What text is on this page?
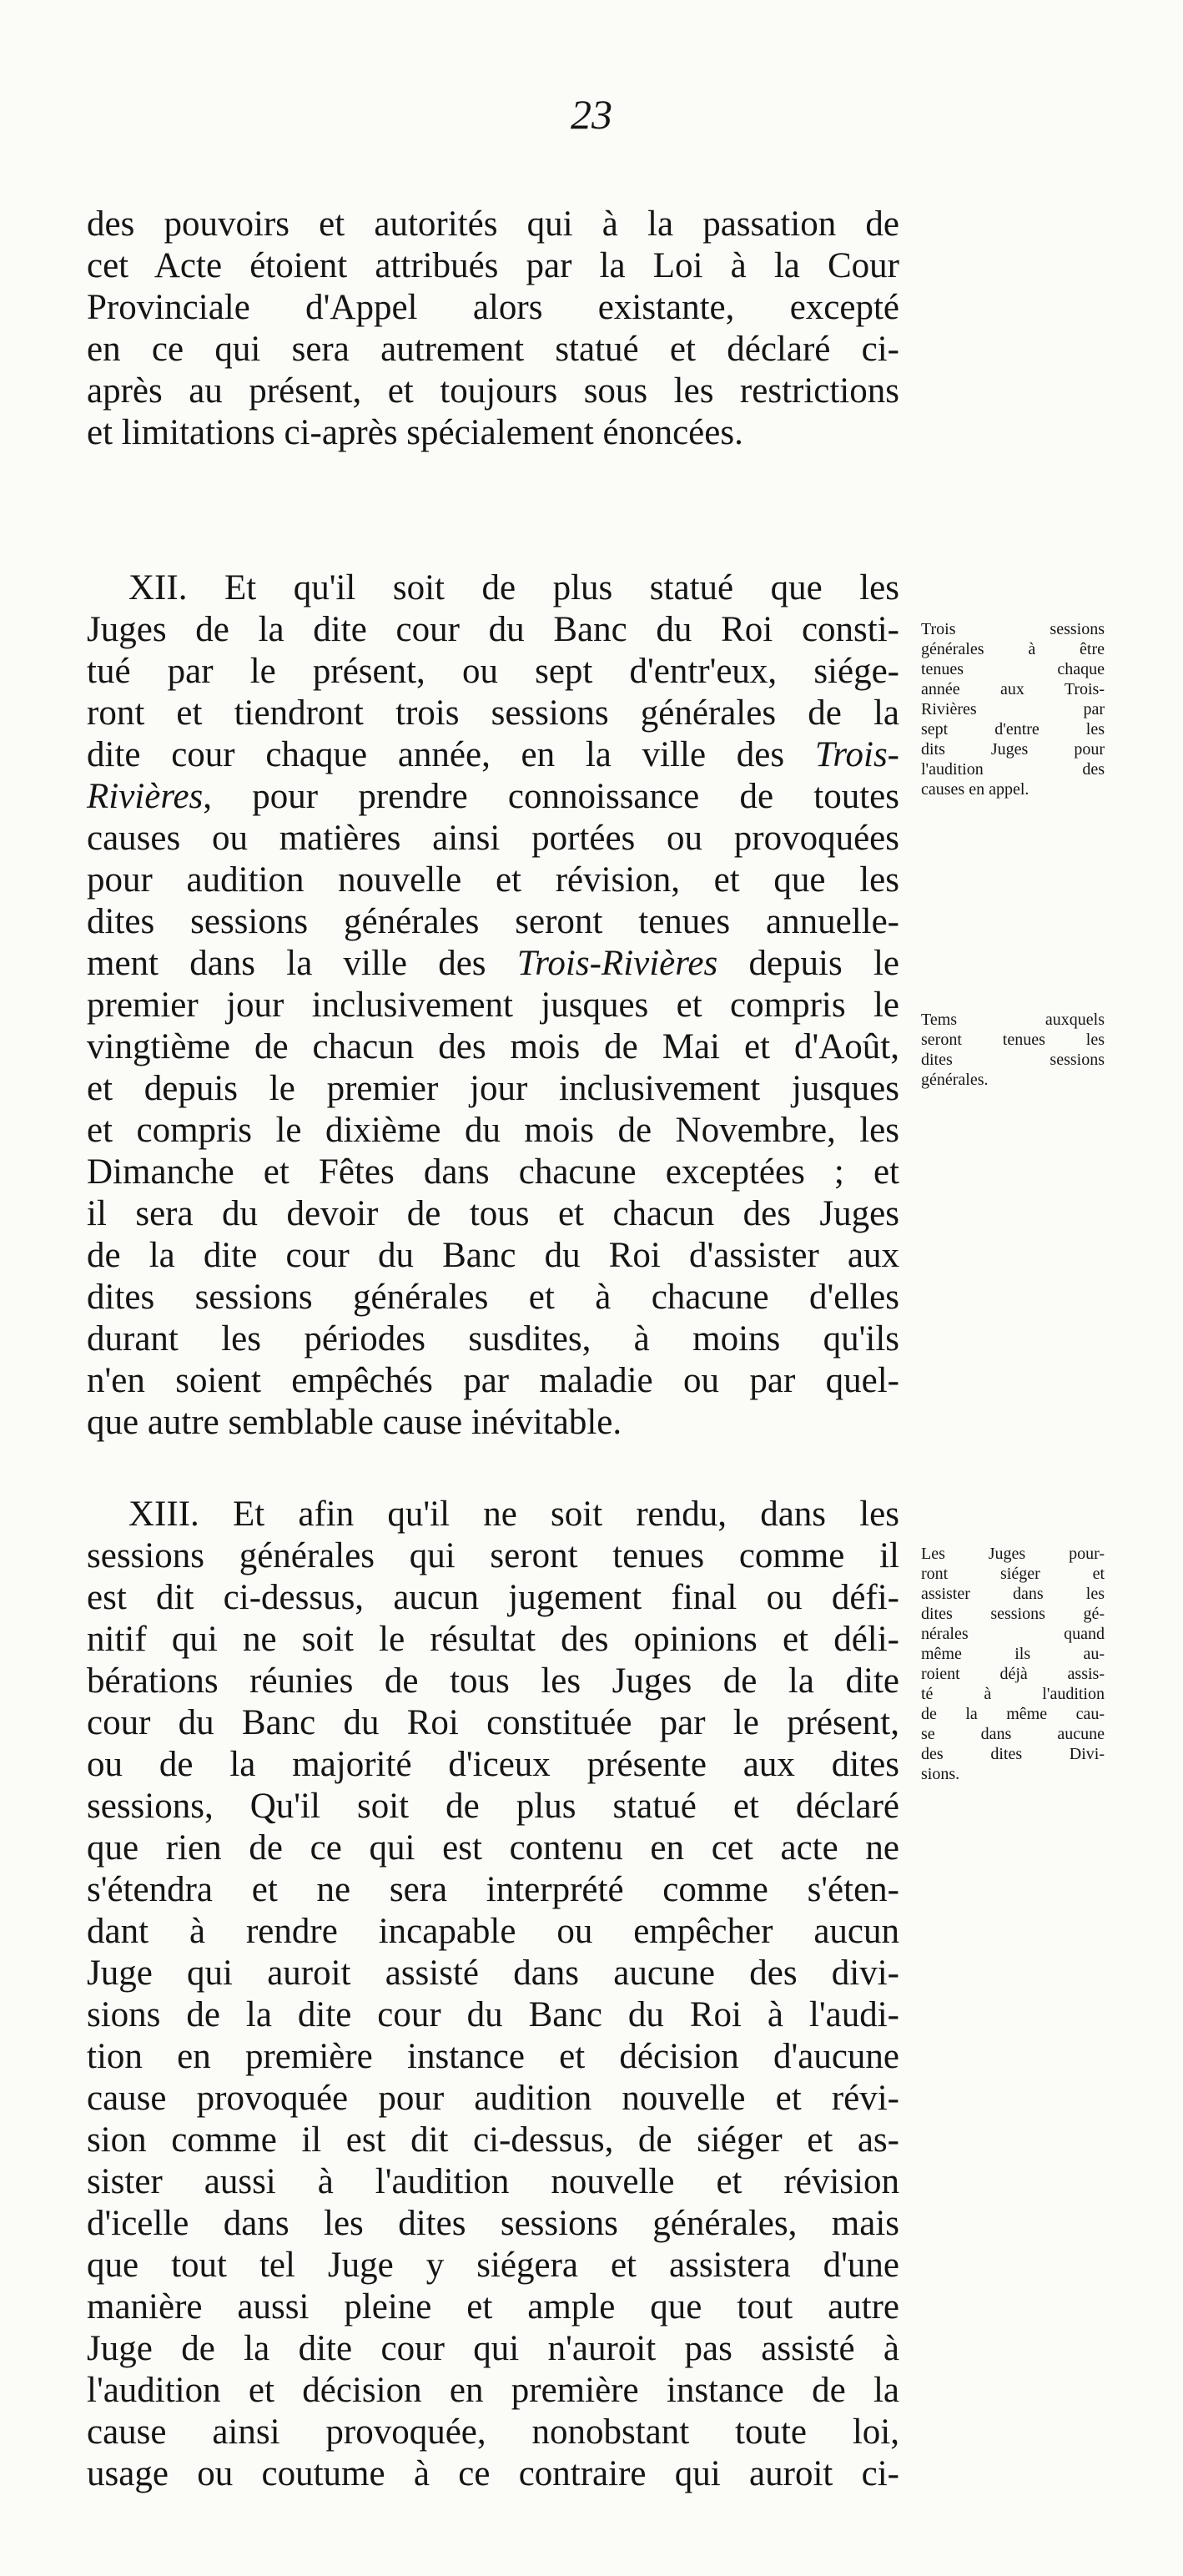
23
des pouvoirs et autorités qui à la passation de
cet Acte étoient attribués par la Loi à la Cour
Provinciale d'Appel alors existante, excepté
en ce qui sera autrement statué et déclaré ci-
après au présent, et toujours sous les restrictions
et limitations ci-après spécialement énoncées.
XII. Et qu'il soit de plus statué que les
Juges de la dite cour du Banc du Roi consti-
tué par le présent, ou sept d'entr'eux, siége-
ront et tiendront trois sessions générales de la
dite cour chaque année, en la ville des Trois-
Rivières, pour prendre connoissance de toutes
causes ou matières ainsi portées ou provoquées
pour audition nouvelle et révision, et que les
dites sessions générales seront tenues annuelle-
ment dans la ville des Trois-Rivières depuis le
premier jour inclusivement jusques et compris le
vingtième de chacun des mois de Mai et d'Août,
et depuis le premier jour inclusivement jusques
et compris le dixième du mois de Novembre, les
Dimanche et Fêtes dans chacune exceptées ; et
il sera du devoir de tous et chacun des Juges
de la dite cour du Banc du Roi d'assister aux
dites sessions générales et à chacune d'elles
durant les périodes susdites, à moins qu'ils
n'en soient empêchés par maladie ou par quel-
que autre semblable cause inévitable.
XIII. Et afin qu'il ne soit rendu, dans les
sessions générales qui seront tenues comme il
est dit ci-dessus, aucun jugement final ou défi-
nitif qui ne soit le résultat des opinions et déli-
bérations réunies de tous les Juges de la dite
cour du Banc du Roi constituée par le présent,
ou de la majorité d'iceux présente aux dites
sessions, Qu'il soit de plus statué et déclaré
que rien de ce qui est contenu en cet acte ne
s'étendra et ne sera interprété comme s'éten-
dant à rendre incapable ou empêcher aucun
Juge qui auroit assisté dans aucune des divi-
sions de la dite cour du Banc du Roi à l'audi-
tion en première instance et décision d'aucune
cause provoquée pour audition nouvelle et révi-
sion comme il est dit ci-dessus, de siéger et as-
sister aussi à l'audition nouvelle et révision
d'icelle dans les dites sessions générales, mais
que tout tel Juge y siégera et assistera d'une
manière aussi pleine et ample que tout autre
Juge de la dite cour qui n'auroit pas assisté à
l'audition et décision en première instance de la
cause ainsi provoquée, nonobstant toute loi,
usage ou coutume à ce contraire qui auroit ci-
Trois sessions
générales à être
tenues chaque
année aux Trois-
Rivières par
sept d'entre les
dits Juges pour
l'audition des
causes en appel.
Tems auxquels
seront tenues les
dites sessions
générales.
Les Juges pour-
ront siéger et
assister dans les
dites sessions gé-
nérales quand
même ils au-
roient déjà assis-
té à l'audition
de la même cau-
se dans aucune
des dites Divi-
sions.
